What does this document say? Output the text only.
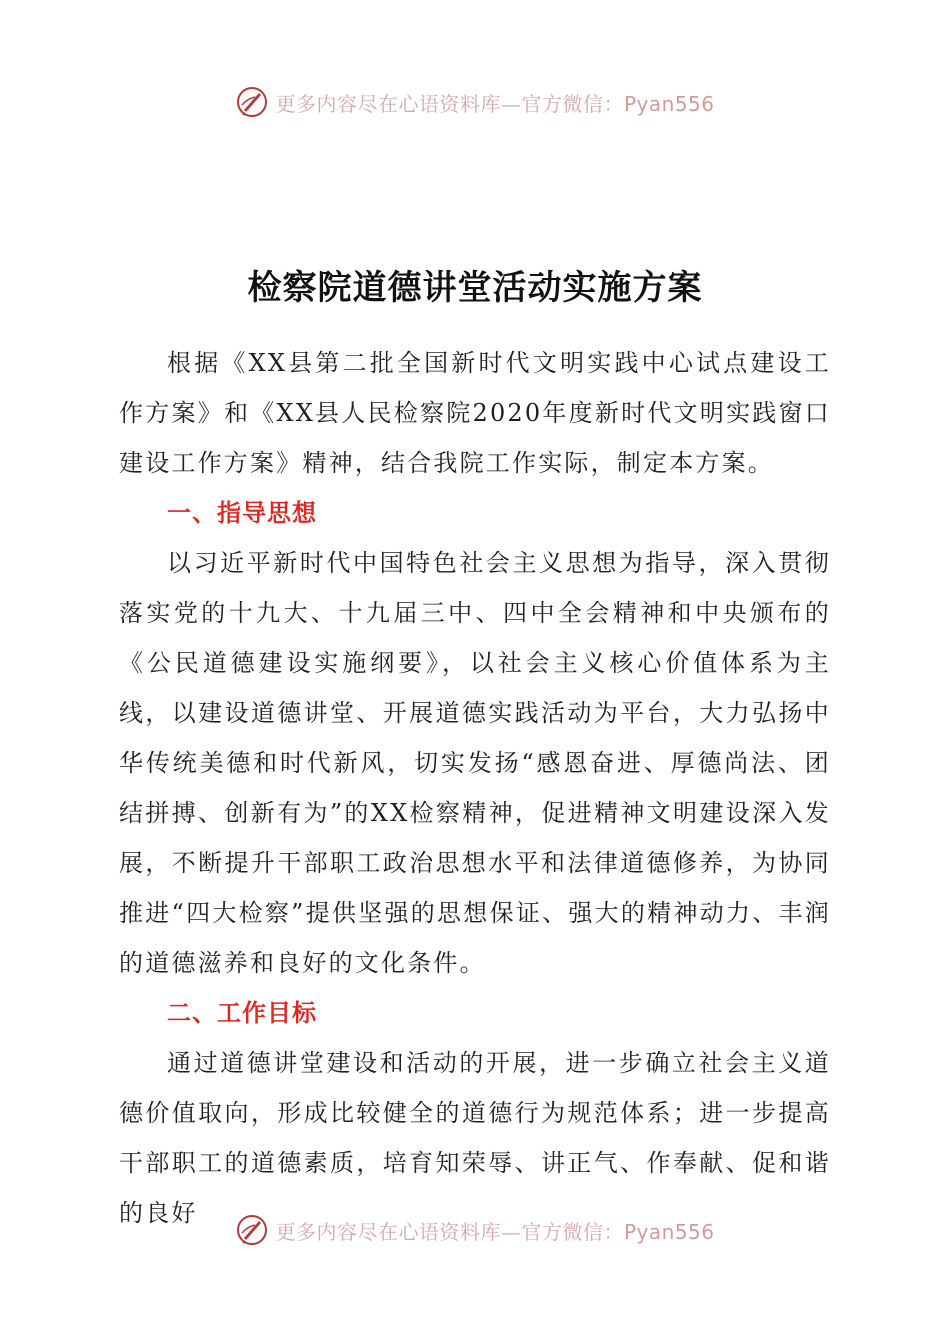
更多内容尽在心语资料库—官方微信：Pyan556
检察院道德讲堂活动实施方案

根据《XX县第二批全国新时代文明实践中心试点建设工作方案》和《XX县人民检察院2020年度新时代文明实践窗口建设工作方案》精神，结合我院工作实际，制定本方案。

一、指导思想

以习近平新时代中国特色社会主义思想为指导，深入贯彻落实党的十九大、十九届三中、四中全会精神和中央颁布的《公民道德建设实施纲要》，以社会主义核心价值体系为主线，以建设道德讲堂、开展道德实践活动为平台，大力弘扬中华传统美德和时代新风，切实发扬“感恩奋进、厚德尚法、团结拼搏、创新有为”的XX检察精神，促进精神文明建设深入发展，不断提升干部职工政治思想水平和法律道德修养，为协同推进“四大检察”提供坚强的思想保证、强大的精神动力、丰润的道德滋养和良好的文化条件。

二、工作目标

通过道德讲堂建设和活动的开展，进一步确立社会主义道德价值取向，形成比较健全的道德行为规范体系；进一步提高干部职工的道德素质，培育知荣辱、讲正气、作奉献、促和谐的良好

更多内容尽在心语资料库—官方微信：Pyan556
